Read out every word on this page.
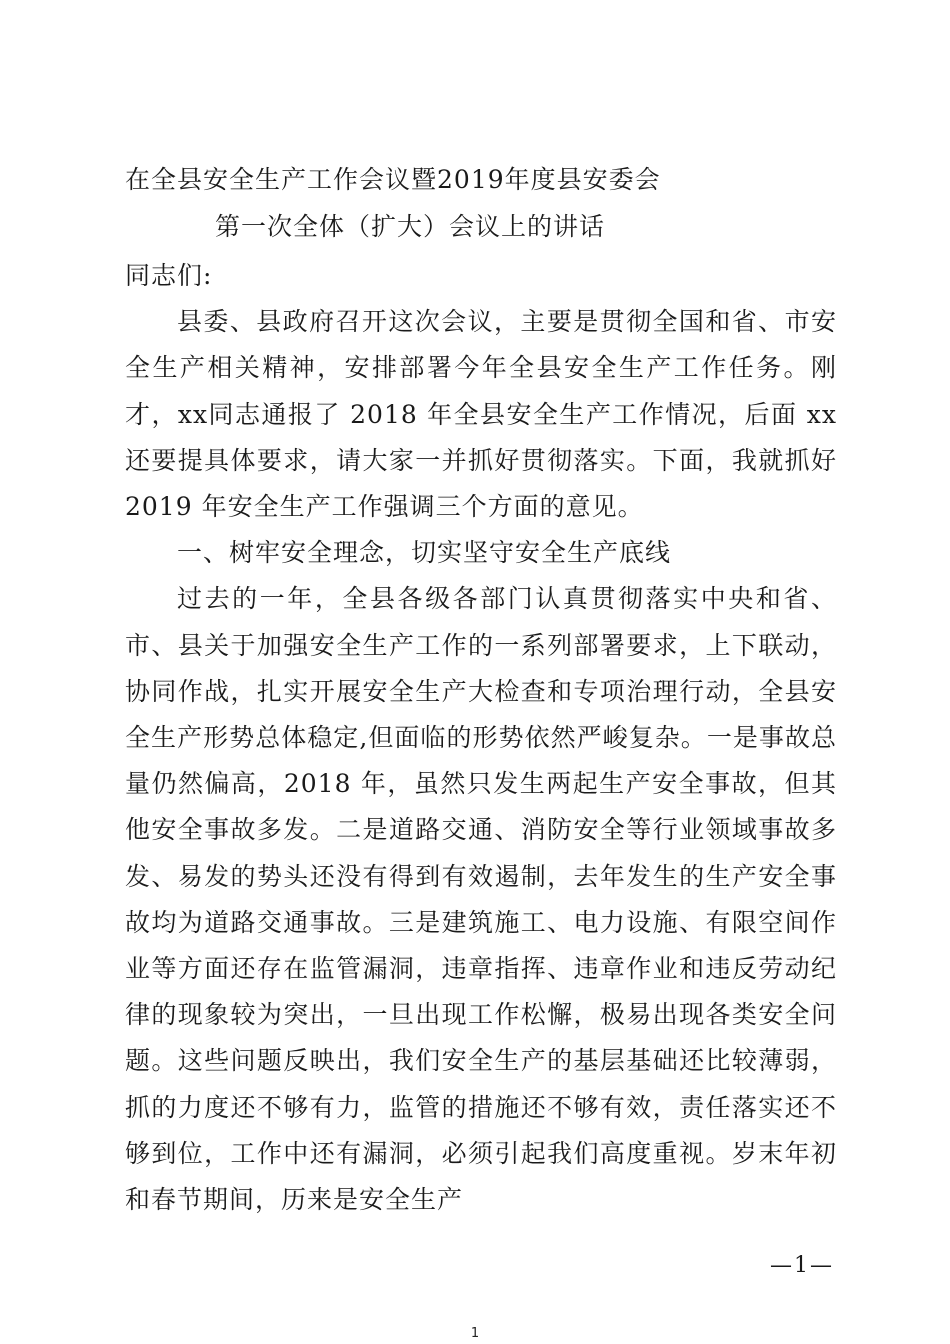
在全县安全生产工作会议暨2019年度县安委会
第一次全体（扩大）会议上的讲话

同志们:

县委、县政府召开这次会议，主要是贯彻全国和省、市安全生产相关精神，安排部署今年全县安全生产工作任务。刚才，xx同志通报了 2018 年全县安全生产工作情况，后面 xx 还要提具体要求，请大家一并抓好贯彻落实。下面，我就抓好 2019 年安全生产工作强调三个方面的意见。

一、树牢安全理念，切实坚守安全生产底线

过去的一年，全县各级各部门认真贯彻落实中央和省、市、县关于加强安全生产工作的一系列部署要求，上下联动，协同作战，扎实开展安全生产大检查和专项治理行动，全县安全生产形势总体稳定,但面临的形势依然严峻复杂。一是事故总量仍然偏高，2018 年，虽然只发生两起生产安全事故，但其他安全事故多发。二是道路交通、消防安全等行业领域事故多发、易发的势头还没有得到有效遏制，去年发生的生产安全事故均为道路交通事故。三是建筑施工、电力设施、有限空间作业等方面还存在监管漏洞，违章指挥、违章作业和违反劳动纪律的现象较为突出，一旦出现工作松懈，极易出现各类安全问题。这些问题反映出，我们安全生产的基层基础还比较薄弱，抓的力度还不够有力，监管的措施还不够有效，责任落实还不够到位，工作中还有漏洞，必须引起我们高度重视。岁末年初和春节期间，历来是安全生产

—1—
1
